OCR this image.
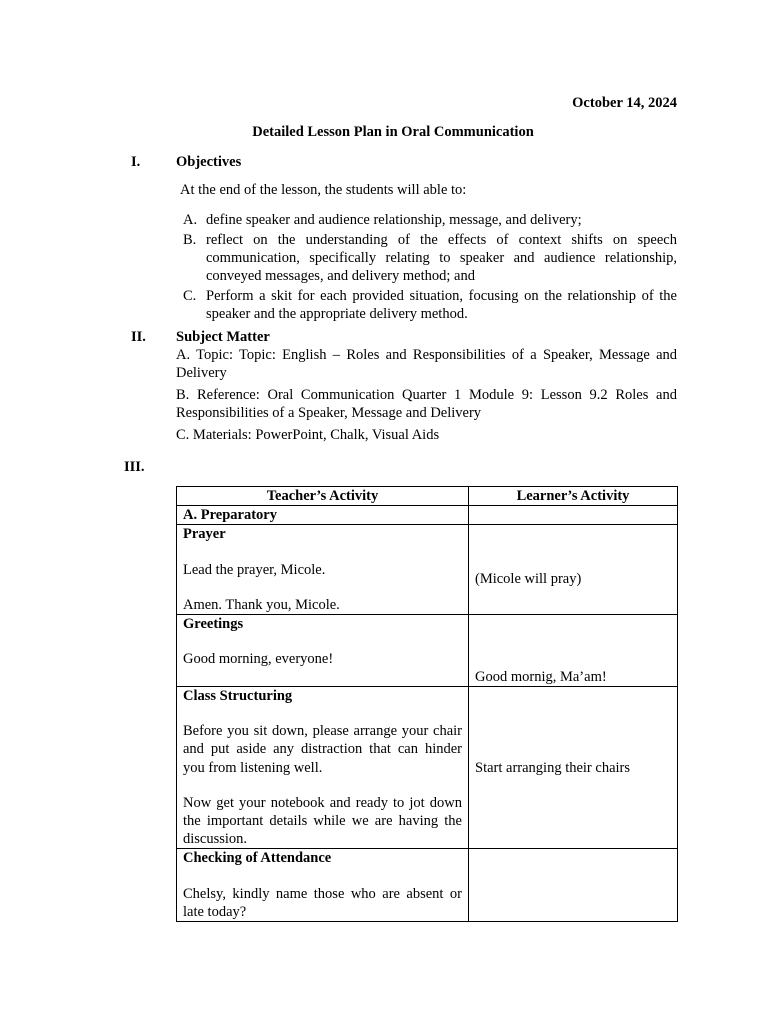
October 14, 2024
Detailed Lesson Plan in Oral Communication
I. Objectives
At the end of the lesson, the students will able to:
A. define speaker and audience relationship, message, and delivery;
B. reflect on the understanding of the effects of context shifts on speech communication, specifically relating to speaker and audience relationship, conveyed messages, and delivery method; and
C. Perform a skit for each provided situation, focusing on the relationship of the speaker and the appropriate delivery method.
II. Subject Matter
A. Topic: Topic: English – Roles and Responsibilities of a Speaker, Message and Delivery
B. Reference: Oral Communication Quarter 1 Module 9: Lesson 9.2 Roles and Responsibilities of a Speaker, Message and Delivery
C. Materials: PowerPoint, Chalk, Visual Aids
III.
Teacher’s Activity	Learner’s Activity
A. Preparatory	

Prayer
Lead the prayer, Micole.
Amen. Thank you, Micole.	(Micole will pray)

Greetings
Good morning, everyone!	Good mornig, Ma’am!

Class Structuring
Before you sit down, please arrange your chair and put aside any distraction that can hinder you from listening well.
Now get your notebook and ready to jot down the important details while we are having the discussion.	Start arranging their chairs

Checking of Attendance
Chelsy, kindly name those who are absent or late today?	
